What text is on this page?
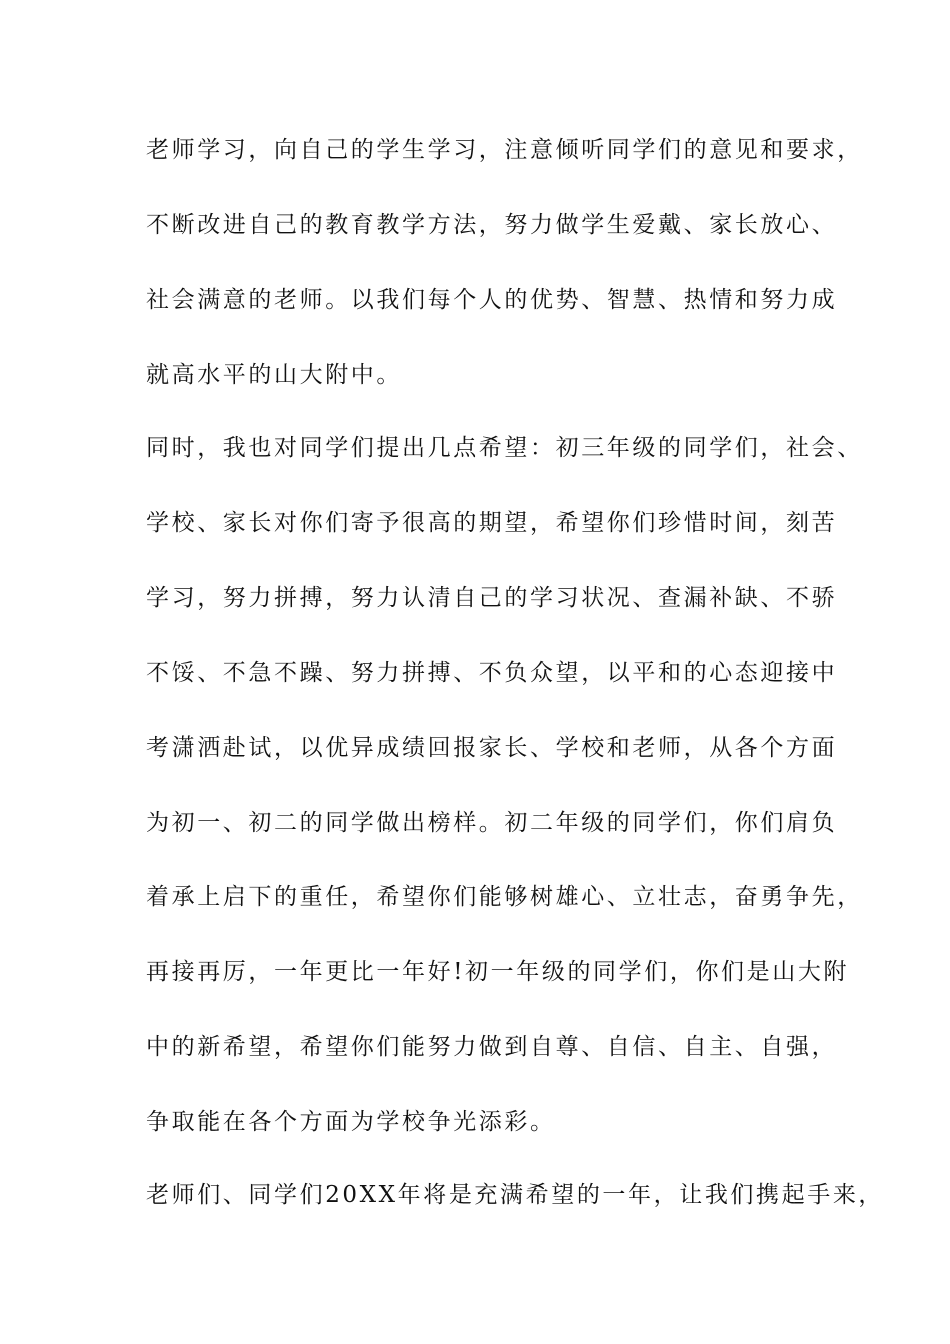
老师学习，向自己的学生学习，注意倾听同学们的意见和要求，

不断改进自己的教育教学方法，努力做学生爱戴、家长放心、

社会满意的老师。以我们每个人的优势、智慧、热情和努力成

就高水平的山大附中。

同时，我也对同学们提出几点希望：初三年级的同学们，社会、

学校、家长对你们寄予很高的期望，希望你们珍惜时间，刻苦

学习，努力拼搏，努力认清自己的学习状况、查漏补缺、不骄

不馁、不急不躁、努力拼搏、不负众望，以平和的心态迎接中

考潇洒赴试，以优异成绩回报家长、学校和老师，从各个方面

为初一、初二的同学做出榜样。初二年级的同学们，你们肩负

着承上启下的重任，希望你们能够树雄心、立壮志，奋勇争先，

再接再厉，一年更比一年好!初一年级的同学们，你们是山大附

中的新希望，希望你们能努力做到自尊、自信、自主、自强，

争取能在各个方面为学校争光添彩。

老师们、同学们20XX年将是充满希望的一年，让我们携起手来，
